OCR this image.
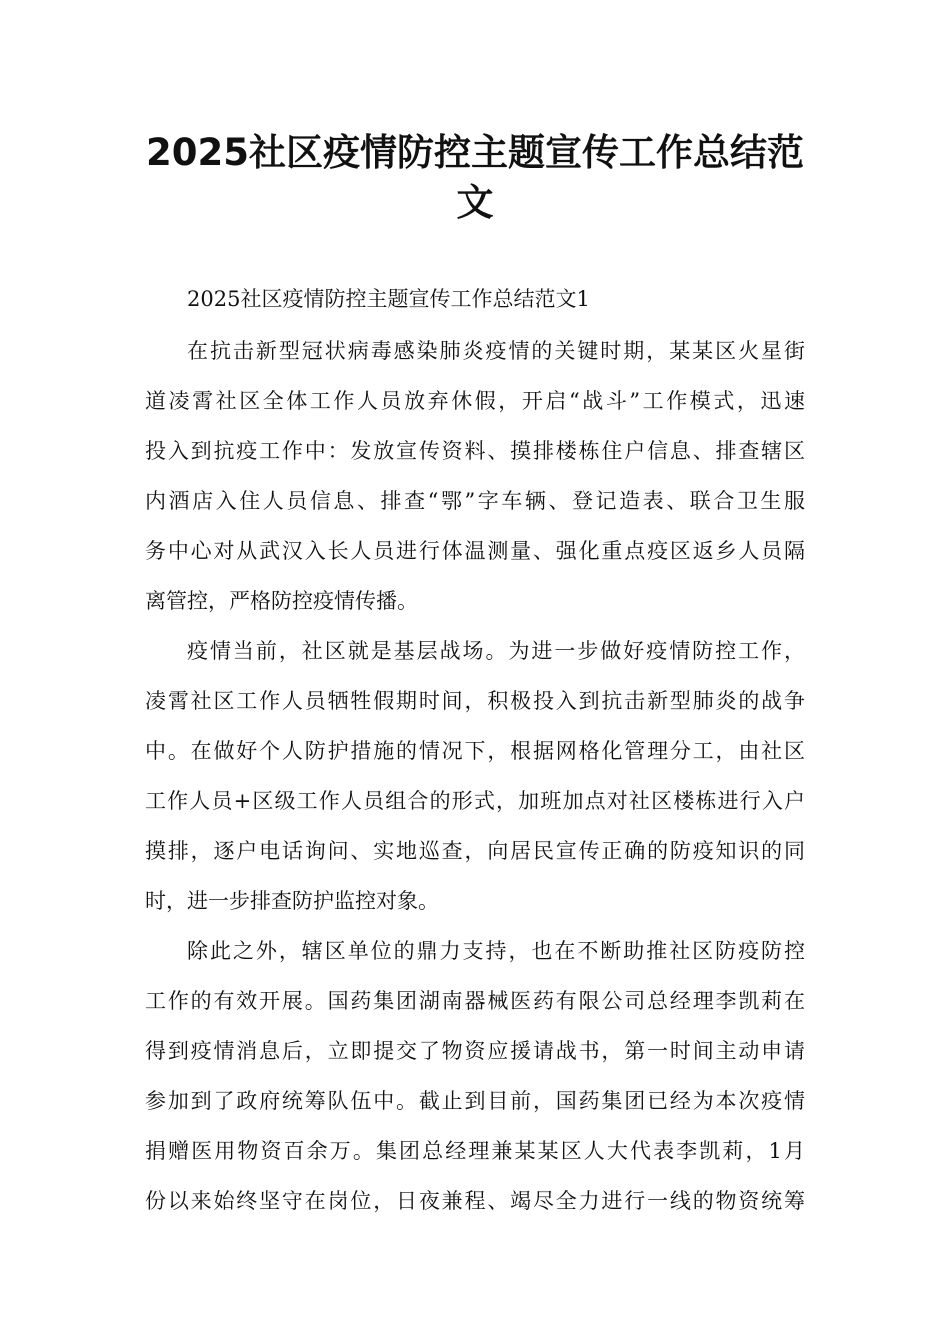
2025社区疫情防控主题宣传工作总结范
文
2025社区疫情防控主题宣传工作总结范文1
在抗击新型冠状病毒感染肺炎疫情的关键时期，某某区火星街
道凌霄社区全体工作人员放弃休假，开启“战斗”工作模式，迅速
投入到抗疫工作中：发放宣传资料、摸排楼栋住户信息、排查辖区
内酒店入住人员信息、排查“鄂”字车辆、登记造表、联合卫生服
务中心对从武汉入长人员进行体温测量、强化重点疫区返乡人员隔
离管控，严格防控疫情传播。
疫情当前，社区就是基层战场。为进一步做好疫情防控工作，
凌霄社区工作人员牺牲假期时间，积极投入到抗击新型肺炎的战争
中。在做好个人防护措施的情况下，根据网格化管理分工，由社区
工作人员+区级工作人员组合的形式，加班加点对社区楼栋进行入户
摸排，逐户电话询问、实地巡查，向居民宣传正确的防疫知识的同
时，进一步排查防护监控对象。
除此之外，辖区单位的鼎力支持，也在不断助推社区防疫防控
工作的有效开展。国药集团湖南器械医药有限公司总经理李凯莉在
得到疫情消息后，立即提交了物资应援请战书，第一时间主动申请
参加到了政府统筹队伍中。截止到目前，国药集团已经为本次疫情
捐赠医用物资百余万。集团总经理兼某某区人大代表李凯莉，1月
份以来始终坚守在岗位，日夜兼程、竭尽全力进行一线的物资统筹
